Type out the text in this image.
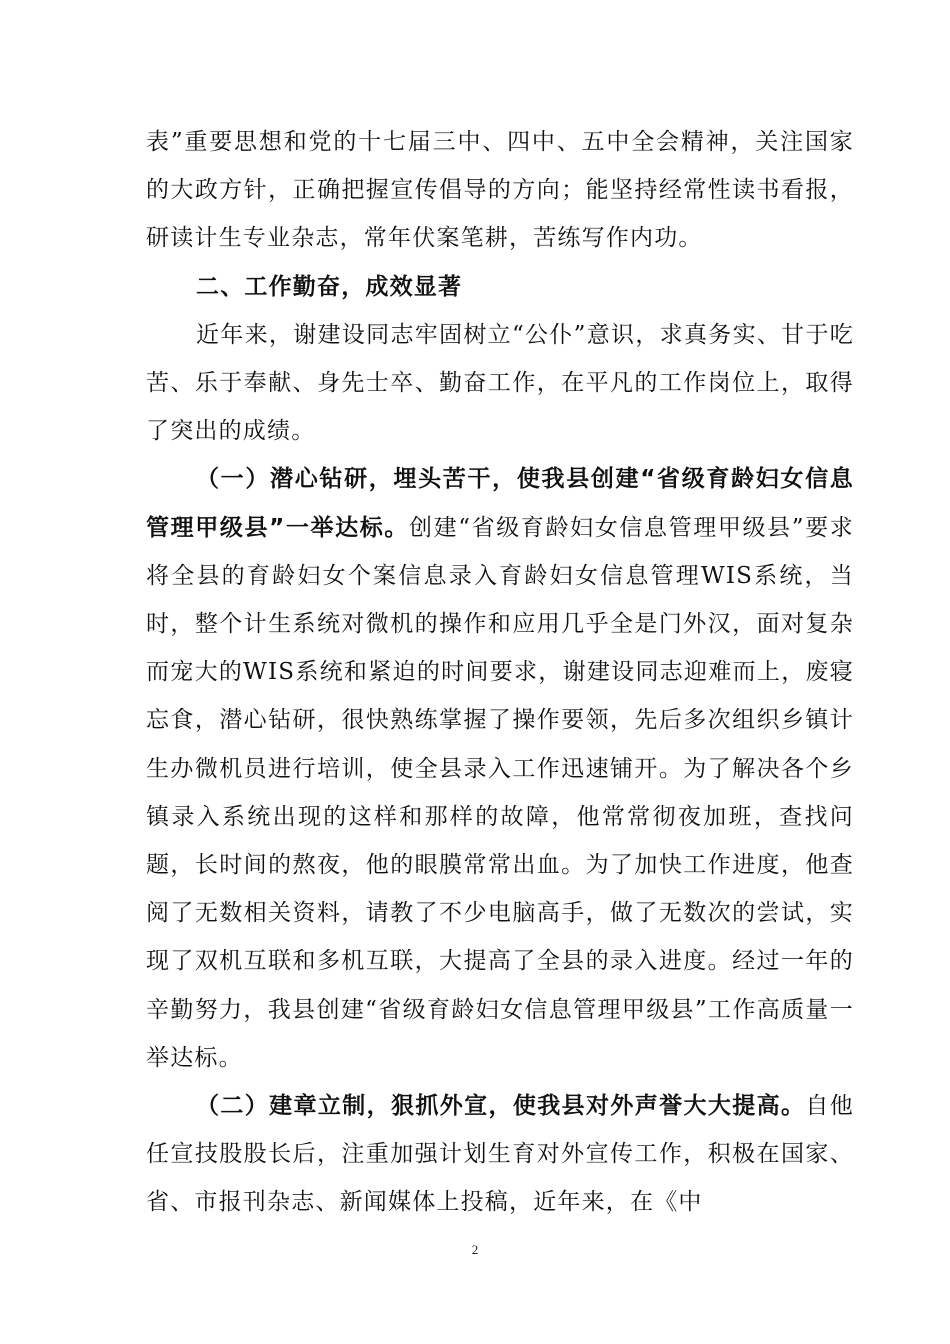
表”重要思想和党的十七届三中、四中、五中全会精神，关注国家的大政方针，正确把握宣传倡导的方向；能坚持经常性读书看报，研读计生专业杂志，常年伏案笔耕，苦练写作内功。

二、工作勤奋，成效显著

近年来，谢建设同志牢固树立“公仆”意识，求真务实、甘于吃苦、乐于奉献、身先士卒、勤奋工作，在平凡的工作岗位上，取得了突出的成绩。

（一）潜心钻研，埋头苦干，使我县创建“省级育龄妇女信息管理甲级县”一举达标。创建“省级育龄妇女信息管理甲级县”要求将全县的育龄妇女个案信息录入育龄妇女信息管理WIS系统，当时，整个计生系统对微机的操作和应用几乎全是门外汉，面对复杂而宠大的WIS系统和紧迫的时间要求，谢建设同志迎难而上，废寝忘食，潜心钻研，很快熟练掌握了操作要领，先后多次组织乡镇计生办微机员进行培训，使全县录入工作迅速铺开。为了解决各个乡镇录入系统出现的这样和那样的故障，他常常彻夜加班，查找问题，长时间的熬夜，他的眼膜常常出血。为了加快工作进度，他查阅了无数相关资料，请教了不少电脑高手，做了无数次的尝试，实现了双机互联和多机互联，大提高了全县的录入进度。经过一年的辛勤努力，我县创建“省级育龄妇女信息管理甲级县”工作高质量一举达标。

（二）建章立制，狠抓外宣，使我县对外声誉大大提高。自他任宣技股股长后，注重加强计划生育对外宣传工作，积极在国家、省、市报刊杂志、新闻媒体上投稿，近年来，在《中

2
